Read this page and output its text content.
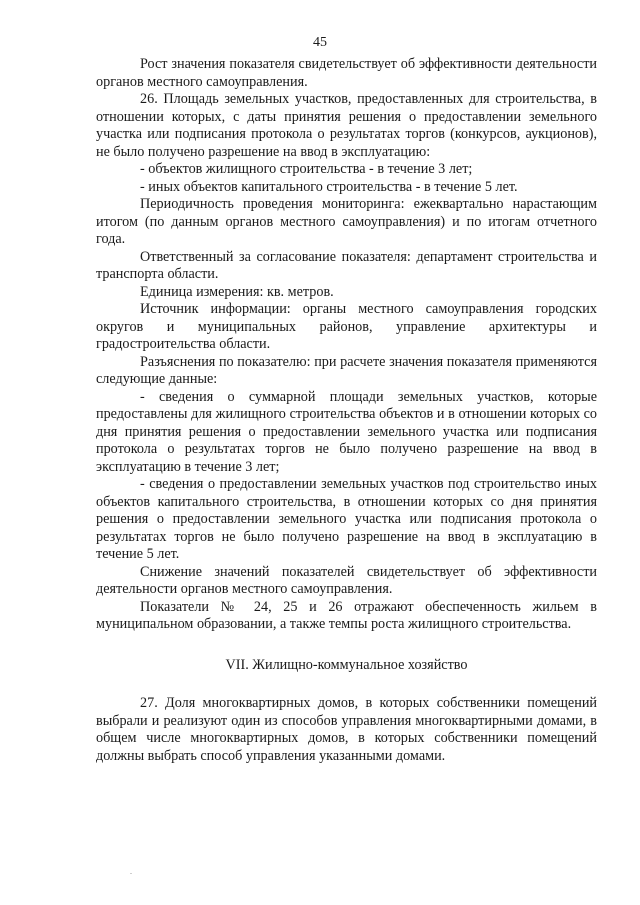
45

Рост значения показателя свидетельствует об эффективности деятельности органов местного самоуправления.

26. Площадь земельных участков, предоставленных для строительства, в отношении которых, с даты принятия решения о предоставлении земельного участка или подписания протокола о результатах торгов (конкурсов, аукционов), не было получено разрешение на ввод в эксплуатацию:

- объектов жилищного строительства - в течение 3 лет;

- иных объектов капитального строительства - в течение 5 лет.

Периодичность проведения мониторинга: ежеквартально нарастающим итогом (по данным органов местного самоуправления) и по итогам отчетного года.

Ответственный за согласование показателя: департамент строительства и транспорта области.

Единица измерения: кв. метров.

Источник информации: органы местного самоуправления городских округов и муниципальных районов, управление архитектуры и градостроительства области.

Разъяснения по показателю: при расчете значения показателя применяются следующие данные:

- сведения о суммарной площади земельных участков, которые предоставлены для жилищного строительства объектов и в отношении которых со дня принятия решения о предоставлении земельного участка или подписания протокола о результатах торгов не было получено разрешение на ввод в эксплуатацию в течение 3 лет;

- сведения о предоставлении земельных участков под строительство иных объектов капитального строительства, в отношении которых со дня принятия решения о предоставлении земельного участка или подписания протокола о результатах торгов не было получено разрешение на ввод в эксплуатацию в течение 5 лет.

Снижение значений показателей свидетельствует об эффективности деятельности органов местного самоуправления.

Показатели № 24, 25 и 26 отражают обеспеченность жильем в муниципальном образовании, а также темпы роста жилищного строительства.

VII. Жилищно-коммунальное хозяйство

27. Доля многоквартирных домов, в которых собственники помещений выбрали и реализуют один из способов управления многоквартирными домами, в общем числе многоквартирных домов, в которых собственники помещений должны выбрать способ управления указанными домами.
